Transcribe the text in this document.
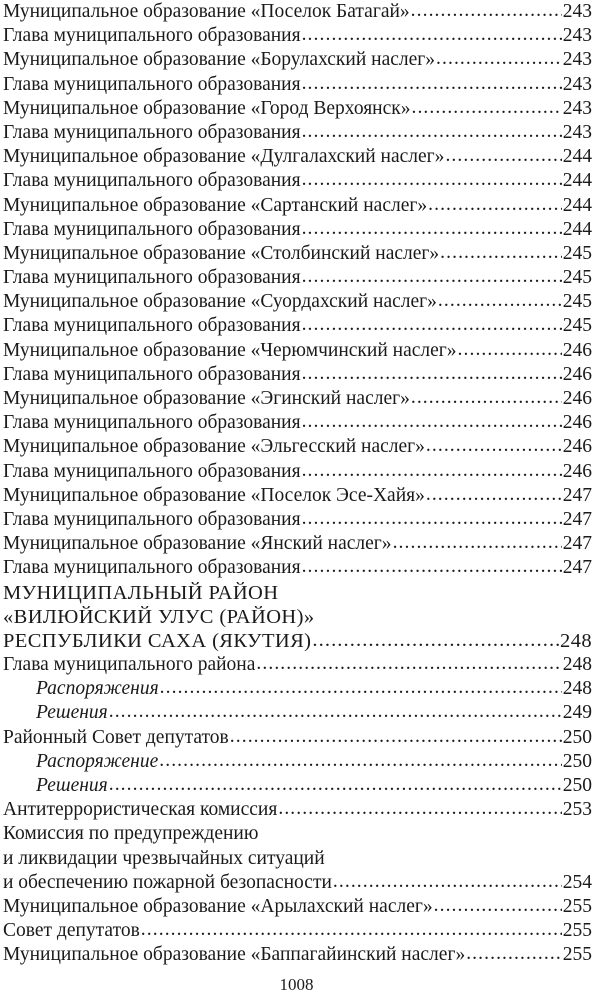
Муниципальное образование «Поселок Батагай» .....	243
Глава муниципального образования .....	243
Муниципальное образование «Борулахский наслег» .....	243
Глава муниципального образования .....	243
Муниципальное образование «Город Верхоянск» .....	243
Глава муниципального образования .....	243
Муниципальное образование «Дулгалахский наслег» .....	244
Глава муниципального образования .....	244
Муниципальное образование «Сартанский наслег» .....	244
Глава муниципального образования .....	244
Муниципальное образование «Столбинский наслег» .....	245
Глава муниципального образования .....	245
Муниципальное образование «Суордахский наслег» .....	245
Глава муниципального образования .....	245
Муниципальное образование «Черюмчинский наслег» .....	246
Глава муниципального образования .....	246
Муниципальное образование «Эгинский наслег» .....	246
Глава муниципального образования .....	246
Муниципальное образование «Эльгесский наслег» .....	246
Глава муниципального образования .....	246
Муниципальное образование «Поселок Эсе-Хайя» .....	247
Глава муниципального образования .....	247
Муниципальное образование «Янский наслег» .....	247
Глава муниципального образования .....	247
МУНИЦИПАЛЬНЫЙ РАЙОН
«ВИЛЮЙСКИЙ УЛУС (РАЙОН)»
РЕСПУБЛИКИ САХА (ЯКУТИЯ) .....	248
Глава муниципального района .....	248
Распоряжения .....	248
Решения .....	249
Районный Совет депутатов .....	250
Распоряжение .....	250
Решения .....	250
Антитеррористическая комиссия .....	253
Комиссия по предупреждению
и ликвидации чрезвычайных ситуаций
и обеспечению пожарной безопасности .....	254
Муниципальное образование «Арылахский наслег» .....	255
Совет депутатов .....	255
Муниципальное образование «Баппагайинский наслег» .....	255
1008
